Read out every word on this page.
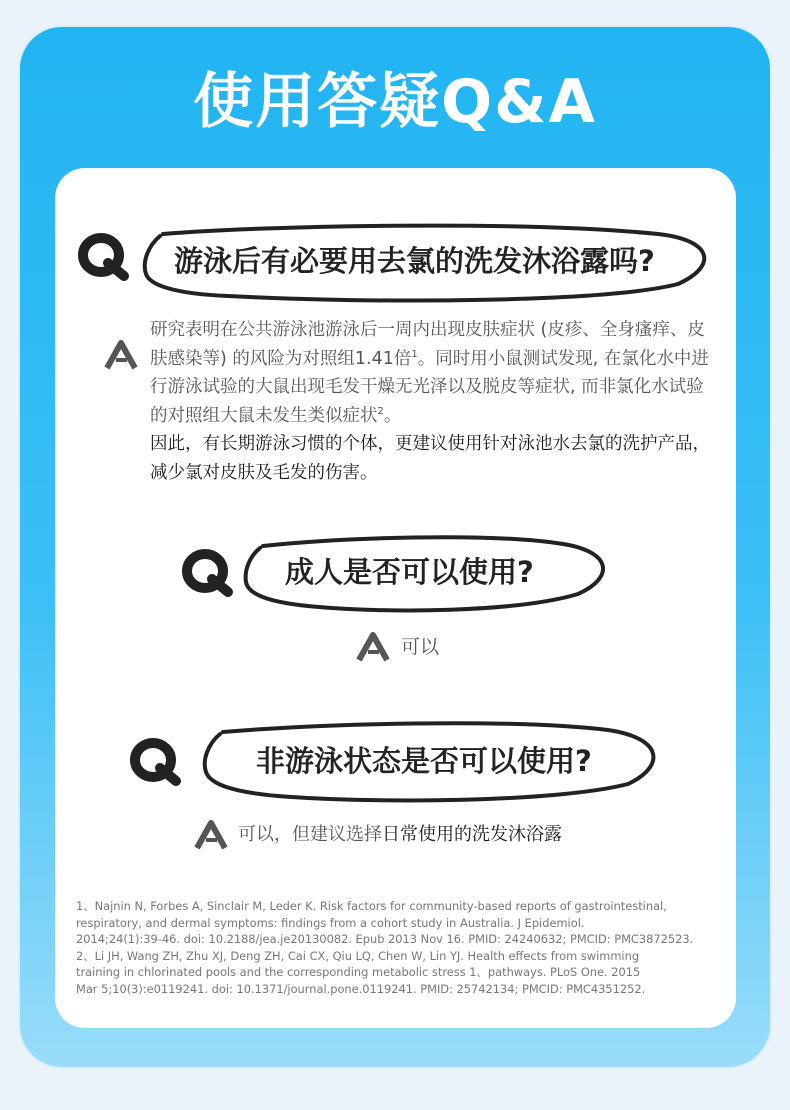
使用答疑Q&A
游泳后有必要用去氯的洗发沐浴露吗?
研究表明在公共游泳池游泳后一周内出现皮肤症状 (皮疹、全身瘙痒、皮肤感染等) 的风险为对照组1.41倍$^1$。同时用小鼠测试发现, 在氯化水中进行游泳试验的大鼠出现毛发干燥无光泽以及脱皮等症状, 而非氯化水试验的对照组大鼠未发生类似症状$^2$。
因此，有长期游泳习惯的个体，更建议使用针对泳池水去氯的洗护产品，减少氯对皮肤及毛发的伤害。
成人是否可以使用?
可以
非游泳状态是否可以使用?
可以，但建议选择日常使用的洗发沐浴露
1、Najnin N, Forbes A, Sinclair M, Leder K. Risk factors for community-based reports of gastrointestinal,
respiratory, and dermal symptoms: findings from a cohort study in Australia. J Epidemiol.
2014;24(1):39-46. doi: 10.2188/jea.je20130082. Epub 2013 Nov 16. PMID: 24240632; PMCID: PMC3872523.
2、Li JH, Wang ZH, Zhu XJ, Deng ZH, Cai CX, Qiu LQ, Chen W, Lin YJ. Health effects from swimming
training in chlorinated pools and the corresponding metabolic stress 1、pathways. PLoS One. 2015
Mar 5;10(3):e0119241. doi: 10.1371/journal.pone.0119241. PMID: 25742134; PMCID: PMC4351252.
